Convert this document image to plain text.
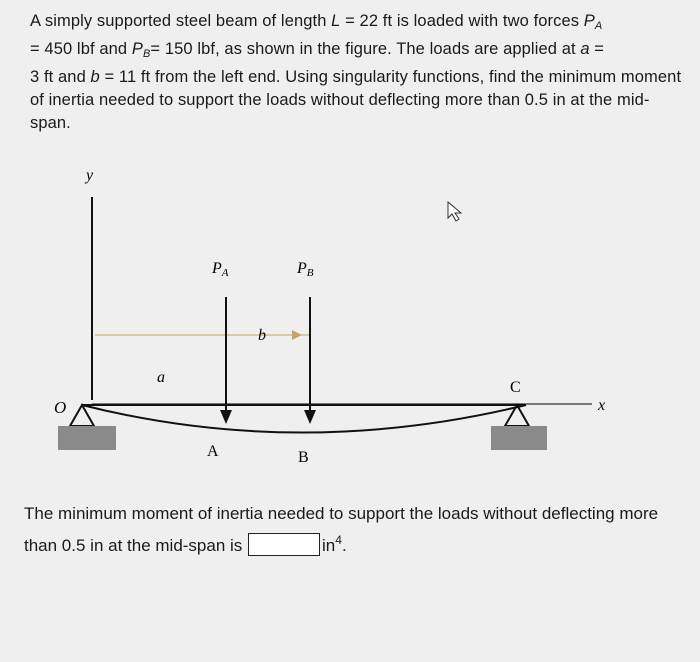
A simply supported steel beam of length L = 22 ft is loaded with two forces $P_A$
= 450 lbf and $P_B= 150$ lbf, as shown in the figure. The loads are applied at a =
3 ft and b = 11 ft from the left end. Using singularity functions, find the minimum moment of inertia needed to support the loads without deflecting more than 0.5 in at the mid-span.
y
x
O
PA	PB
a
b
A	B
C
The minimum moment of inertia needed to support the loads without deflecting more than 0.5 in at the mid-span is	$in^4$.
